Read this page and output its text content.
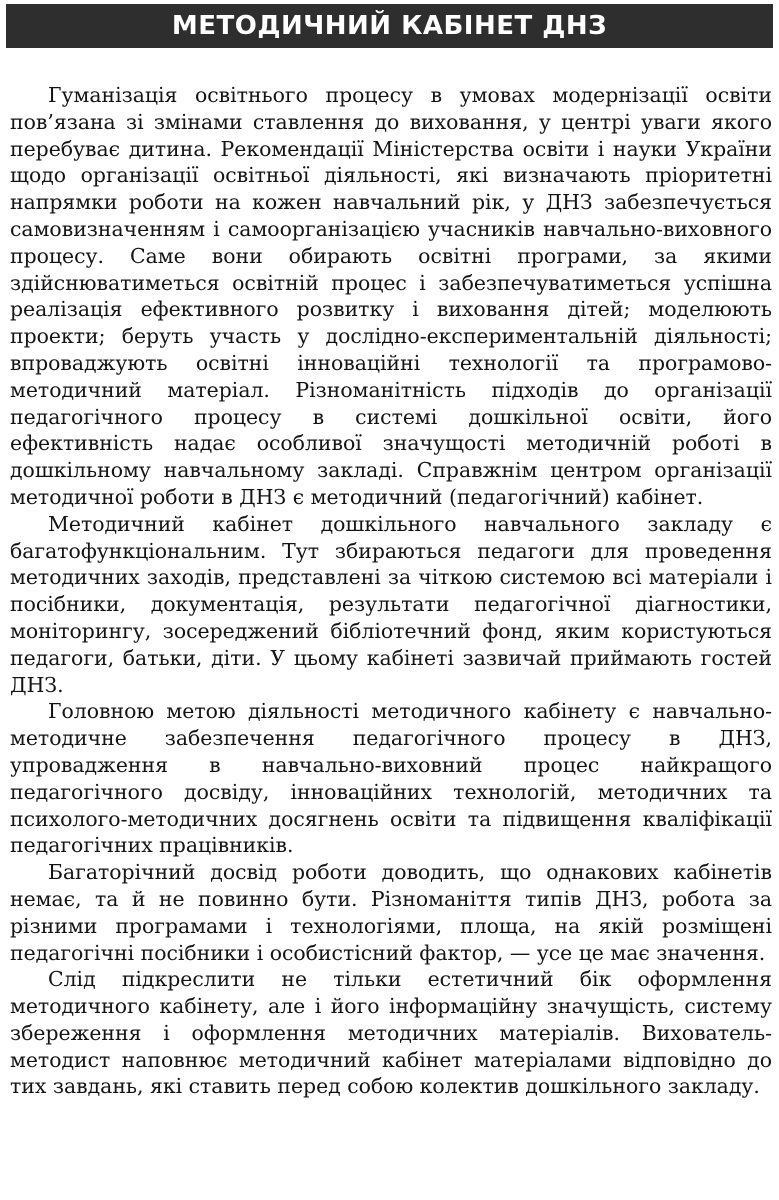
МЕТОДИЧНИЙ КАБІНЕТ ДНЗ

Гуманізація освітнього процесу в умовах модернізації освіти пов’язана зі змінами ставлення до виховання, у центрі уваги якого перебуває дитина. Рекомендації Міністерства освіти і науки України щодо організації освітньої діяльності, які визначають пріоритетні напрямки роботи на кожен навчальний рік, у ДНЗ забезпечується самовизначенням і самоорганізацією учасників навчально-виховного процесу. Саме вони обирають освітні програми, за якими здійснюватиметься освітній процес і забезпечуватиметься успішна реалізація ефективного розвитку і виховання дітей; моделюють проекти; беруть участь у дослідно-експериментальній діяльності; впроваджують освітні інноваційні технології та програмово-методичний матеріал. Різноманітність підходів до організації педагогічного процесу в системі дошкільної освіти, його ефективність надає особливої значущості методичній роботі в дошкільному навчальному закладі. Справжнім центром організації методичної роботи в ДНЗ є методичний (педагогічний) кабінет.

Методичний кабінет дошкільного навчального закладу є багатофункціональним. Тут збираються педагоги для проведення методичних заходів, представлені за чіткою системою всі матеріали і посібники, документація, результати педагогічної діагностики, моніторингу, зосереджений бібліотечний фонд, яким користуються педагоги, батьки, діти. У цьому кабінеті зазвичай приймають гостей ДНЗ.

Головною метою діяльності методичного кабінету є навчально-методичне забезпечення педагогічного процесу в ДНЗ, упровадження в навчально-виховний процес найкращого педагогічного досвіду, інноваційних технологій, методичних та психолого-методичних досягнень освіти та підвищення кваліфікації педагогічних працівників.

Багаторічний досвід роботи доводить, що однакових кабінетів немає, та й не повинно бути. Різноманіття типів ДНЗ, робота за різними програмами і технологіями, площа, на якій розміщені педагогічні посібники і особистісний фактор, — усе це має значення.

Слід підкреслити не тільки естетичний бік оформлення методичного кабінету, але і його інформаційну значущість, систему збереження і оформлення методичних матеріалів. Вихователь-методист наповнює методичний кабінет матеріалами відповідно до тих завдань, які ставить перед собою колектив дошкільного закладу.
